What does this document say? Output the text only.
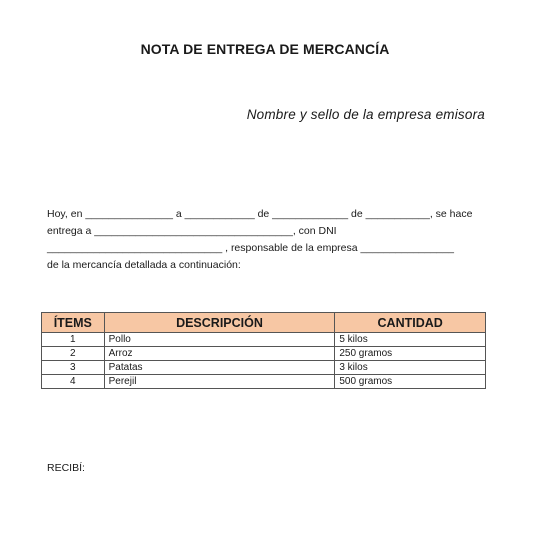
NOTA DE ENTREGA DE MERCANCÍA
Nombre y sello de la empresa emisora
Hoy, en _______________ a ____________ de _____________ de ___________, se hace
entrega a __________________________________, con DNI
______________________________ , responsable de la empresa ________________
de la mercancía detallada a continuación:
ÍTEMS	DESCRIPCIÓN	CANTIDAD
1	Pollo	5 kilos
2	Arroz	250 gramos
3	Patatas	3 kilos
4	Perejil	500 gramos
RECIBÍ:
